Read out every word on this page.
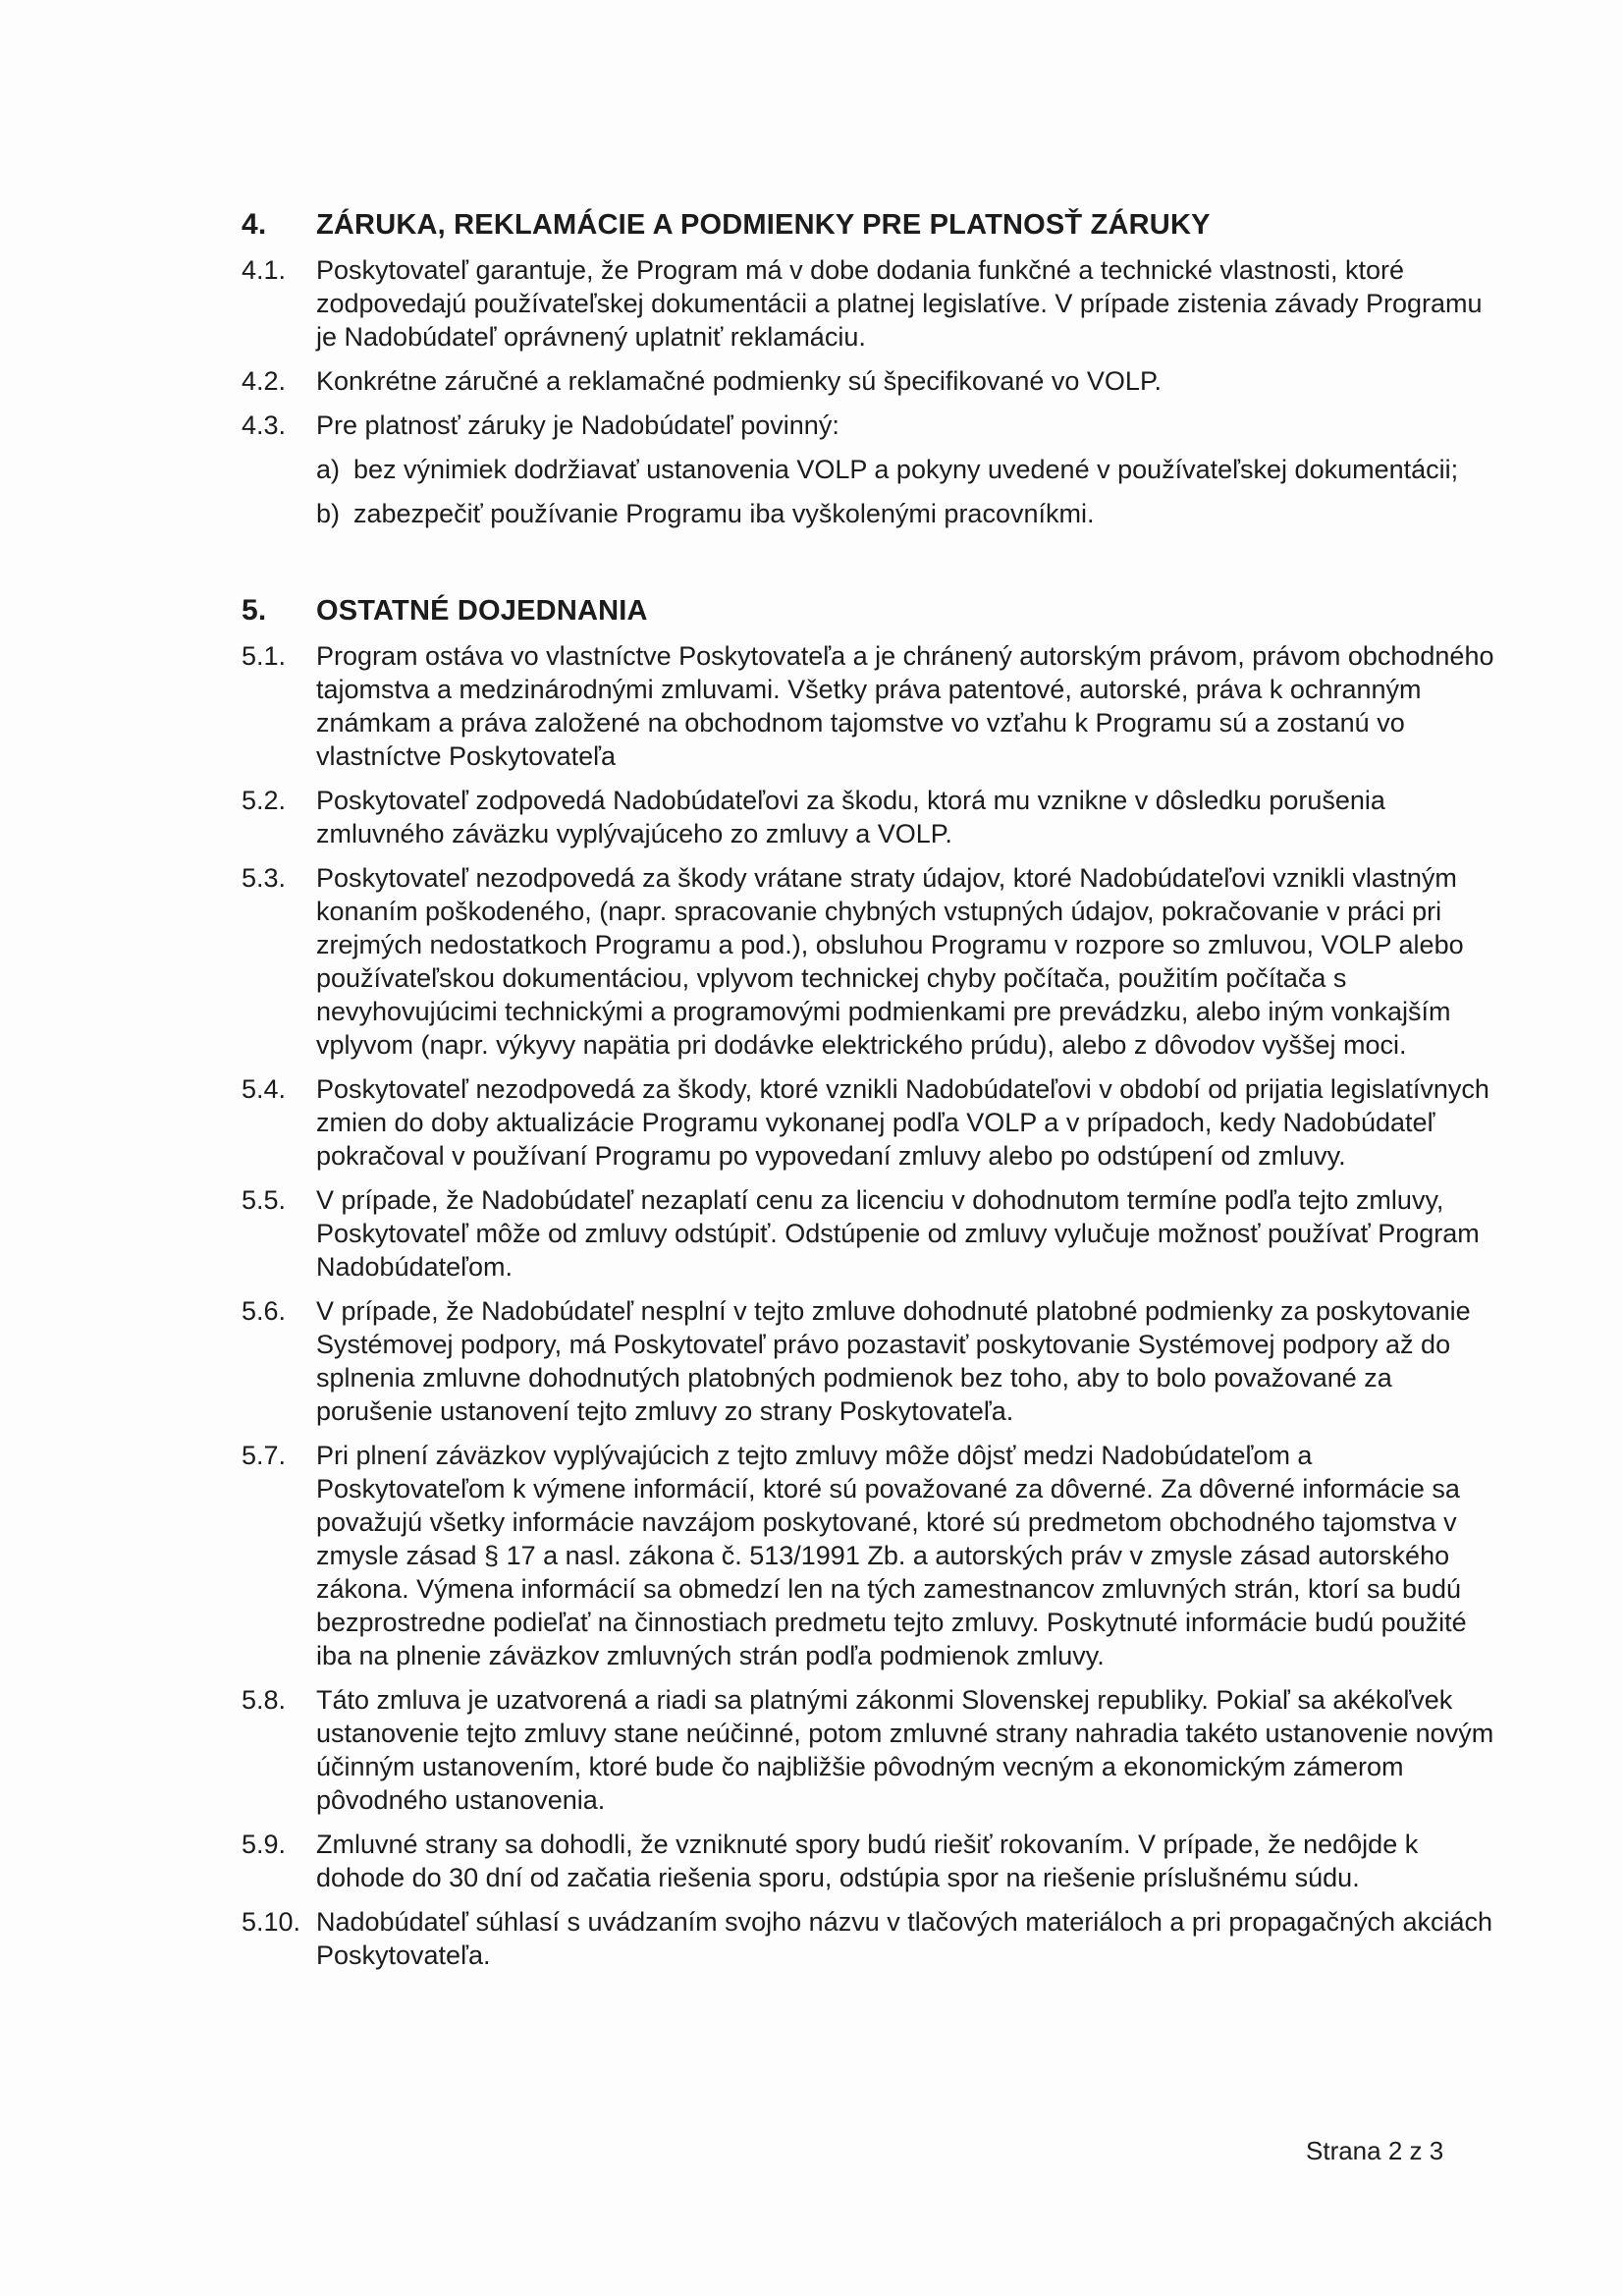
4.	ZÁRUKA, REKLAMÁCIE A PODMIENKY PRE PLATNOSŤ ZÁRUKY
4.1.	Poskytovateľ garantuje, že Program má v dobe dodania funkčné a technické vlastnosti, ktoré zodpovedajú používateľskej dokumentácii a platnej legislatíve. V prípade zistenia závady Programu je Nadobúdateľ oprávnený uplatniť reklamáciu.
4.2.	Konkrétne záručné a reklamačné podmienky sú špecifikované vo VOLP.
4.3.	Pre platnosť záruky je Nadobúdateľ povinný:
a) bez výnimiek dodržiavať ustanovenia VOLP a pokyny uvedené v používateľskej dokumentácii;
b) zabezpečiť používanie Programu iba vyškolenými pracovníkmi.
5.	OSTATNÉ DOJEDNANIA
5.1.	Program ostáva vo vlastníctve Poskytovateľa a je chránený autorským právom, právom obchodného tajomstva a medzinárodnými zmluvami. Všetky práva patentové, autorské, práva k ochranným známkam a práva založené na obchodnom tajomstve vo vzťahu k Programu sú a zostanú vo vlastníctve Poskytovateľa
5.2.	Poskytovateľ zodpovedá Nadobúdateľovi za škodu, ktorá mu vznikne v dôsledku porušenia zmluvného záväzku vyplývajúceho zo zmluvy a VOLP.
5.3.	Poskytovateľ nezodpovedá za škody vrátane straty údajov, ktoré Nadobúdateľovi vznikli vlastným konaním poškodeného, (napr. spracovanie chybných vstupných údajov, pokračovanie v práci pri zrejmých nedostatkoch Programu a pod.), obsluhou Programu v rozpore so zmluvou, VOLP alebo používateľskou dokumentáciou, vplyvom technickej chyby počítača, použitím počítača s nevyhovujúcimi technickými a programovými podmienkami pre prevádzku, alebo iným vonkajším vplyvom (napr. výkyvy napätia pri dodávke elektrického prúdu), alebo z dôvodov vyššej moci.
5.4.	Poskytovateľ nezodpovedá za škody, ktoré vznikli Nadobúdateľovi v období od prijatia legislatívnych zmien do doby aktualizácie Programu vykonanej podľa VOLP a v prípadoch, kedy Nadobúdateľ pokračoval v používaní Programu po vypovedaní zmluvy alebo po odstúpení od zmluvy.
5.5.	V prípade, že Nadobúdateľ nezaplatí cenu za licenciu v dohodnutom termíne podľa tejto zmluvy, Poskytovateľ môže od zmluvy odstúpiť. Odstúpenie od zmluvy vylučuje možnosť používať Program Nadobúdateľom.
5.6.	V prípade, že Nadobúdateľ nesplní v tejto zmluve dohodnuté platobné podmienky za poskytovanie Systémovej podpory, má Poskytovateľ právo pozastaviť poskytovanie Systémovej podpory až do splnenia zmluvne dohodnutých platobných podmienok bez toho, aby to bolo považované za porušenie ustanovení tejto zmluvy zo strany Poskytovateľa.
5.7.	Pri plnení záväzkov vyplývajúcich z tejto zmluvy môže dôjsť medzi Nadobúdateľom a Poskytovateľom k výmene informácií, ktoré sú považované za dôverné. Za dôverné informácie sa považujú všetky informácie navzájom poskytované, ktoré sú predmetom obchodného tajomstva v zmysle zásad § 17 a nasl. zákona č. 513/1991 Zb. a autorských práv v zmysle zásad autorského zákona. Výmena informácií sa obmedzí len na tých zamestnancov zmluvných strán, ktorí sa budú bezprostredne podieľať na činnostiach predmetu tejto zmluvy. Poskytnuté informácie budú použité iba na plnenie záväzkov zmluvných strán podľa podmienok zmluvy.
5.8.	Táto zmluva je uzatvorená a riadi sa platnými zákonmi Slovenskej republiky. Pokiaľ sa akékoľvek ustanovenie tejto zmluvy stane neúčinné, potom zmluvné strany nahradia takéto ustanovenie novým účinným ustanovením, ktoré bude čo najbližšie pôvodným vecným a ekonomickým zámerom pôvodného ustanovenia.
5.9.	Zmluvné strany sa dohodli, že vzniknuté spory budú riešiť rokovaním. V prípade, že nedôjde k dohode do 30 dní od začatia riešenia sporu, odstúpia spor na riešenie príslušnému súdu.
5.10. Nadobúdateľ súhlasí s uvádzaním svojho názvu v tlačových materiáloch a pri propagačných akciách Poskytovateľa.
Strana 2 z 3
